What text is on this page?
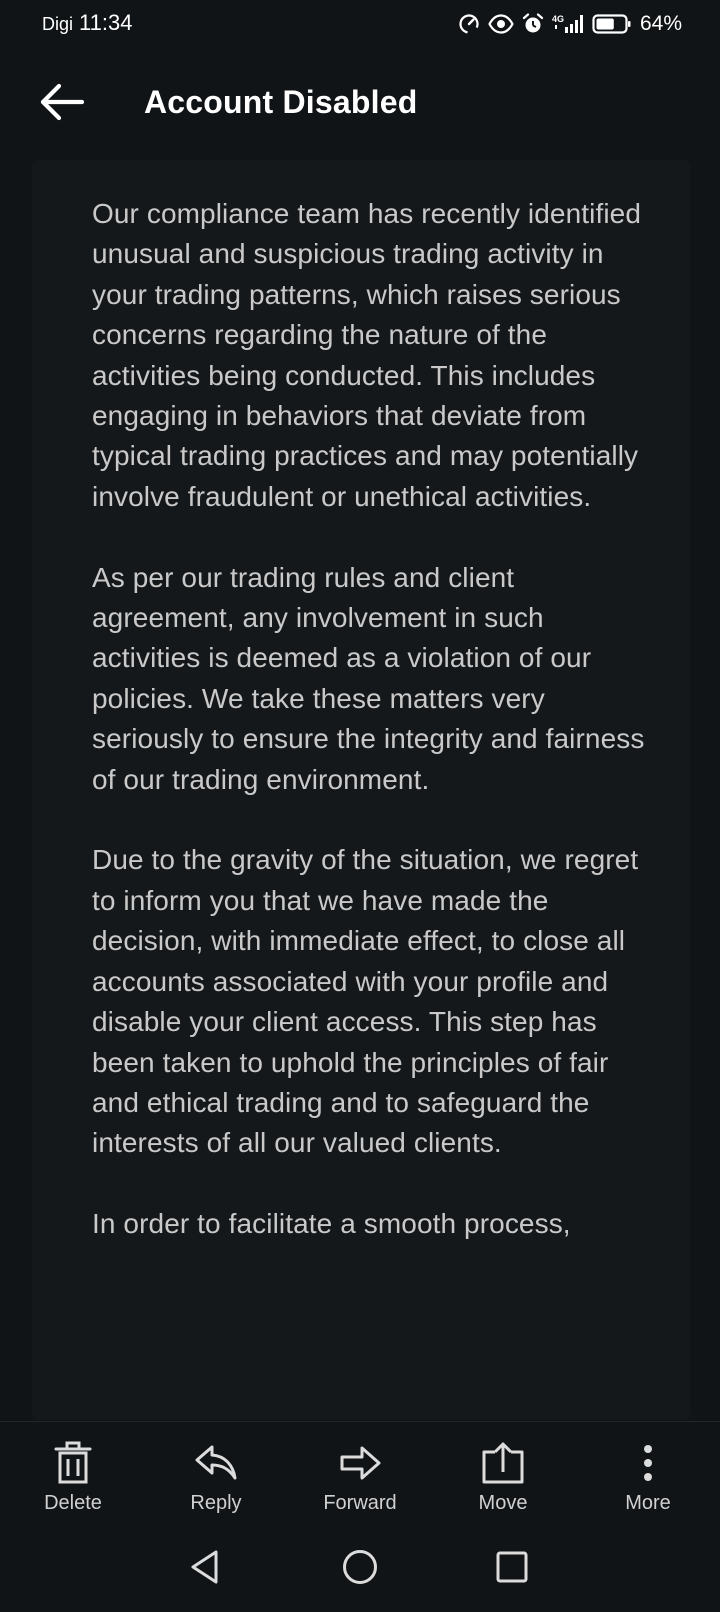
Digi 11:34	4G	64%
Account Disabled

Our compliance team has recently identified unusual and suspicious trading activity in your trading patterns, which raises serious concerns regarding the nature of the activities being conducted. This includes engaging in behaviors that deviate from typical trading practices and may potentially involve fraudulent or unethical activities.

As per our trading rules and client agreement, any involvement in such activities is deemed as a violation of our policies. We take these matters very seriously to ensure the integrity and fairness of our trading environment.

Due to the gravity of the situation, we regret to inform you that we have made the decision, with immediate effect, to close all accounts associated with your profile and disable your client access. This step has been taken to uphold the principles of fair and ethical trading and to safeguard the interests of all our valued clients.

In order to facilitate a smooth process,

Delete	Reply	Forward	Move	More
